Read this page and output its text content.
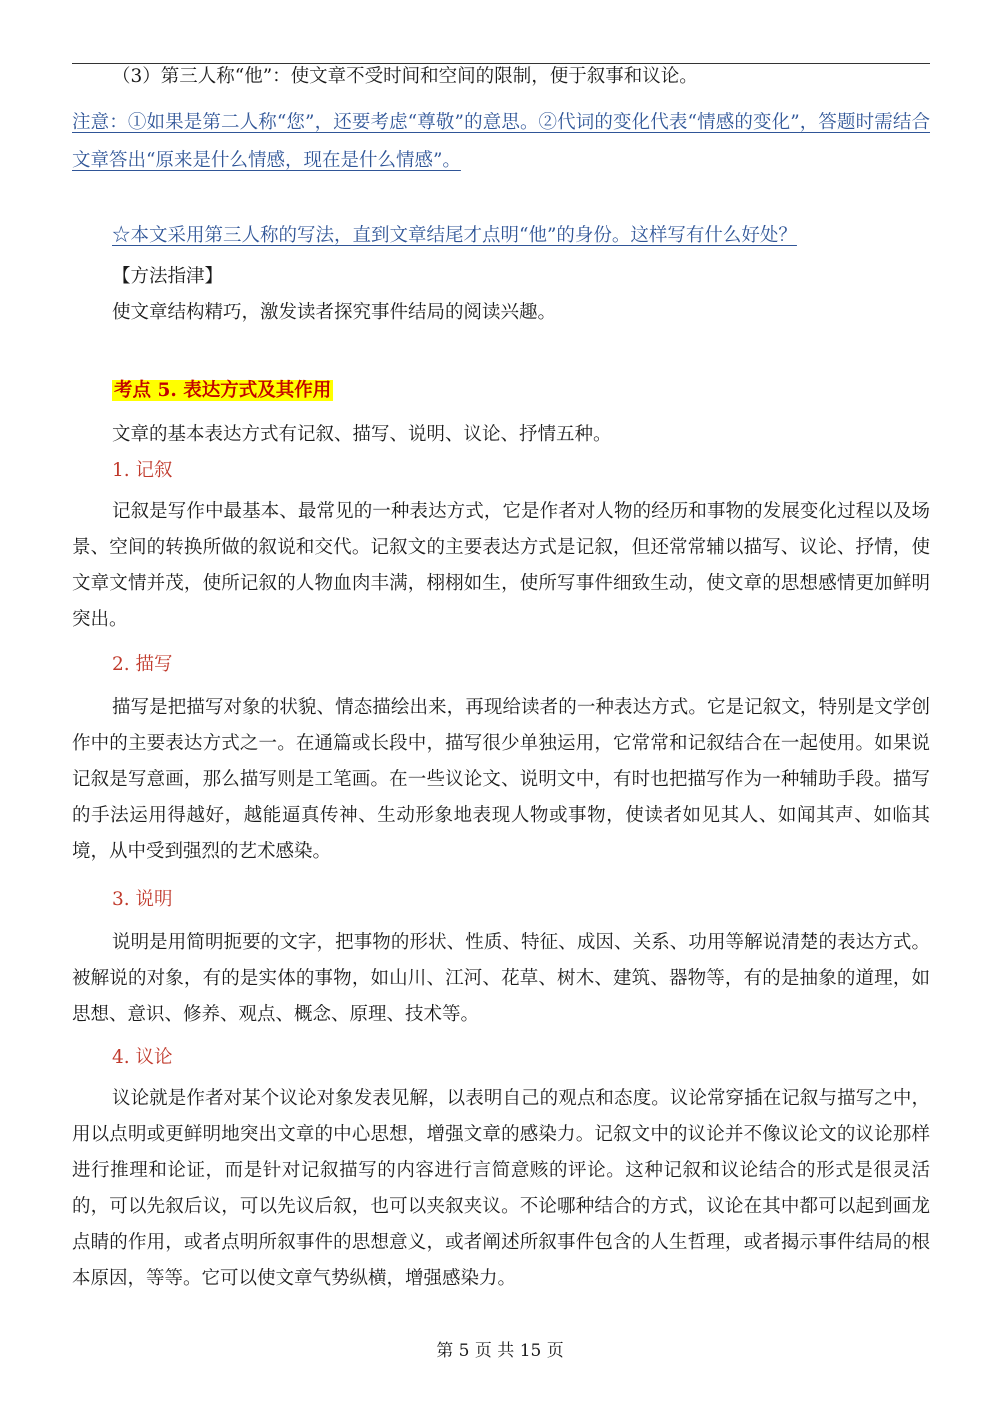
（3）第三人称“他”：使文章不受时间和空间的限制，便于叙事和议论。

注意：①如果是第二人称“您”，还要考虑“尊敬”的意思。②代词的变化代表“情感的变化”，答题时需结合文章答出“原来是什么情感，现在是什么情感”。

☆本文采用第三人称的写法，直到文章结尾才点明“他”的身份。这样写有什么好处？

【方法指津】

使文章结构精巧，激发读者探究事件结局的阅读兴趣。

考点 5. 表达方式及其作用

文章的基本表达方式有记叙、描写、说明、议论、抒情五种。

1. 记叙

记叙是写作中最基本、最常见的一种表达方式，它是作者对人物的经历和事物的发展变化过程以及场景、空间的转换所做的叙说和交代。记叙文的主要表达方式是记叙，但还常常辅以描写、议论、抒情，使文章文情并茂，使所记叙的人物血肉丰满，栩栩如生，使所写事件细致生动，使文章的思想感情更加鲜明突出。

2. 描写

描写是把描写对象的状貌、情态描绘出来，再现给读者的一种表达方式。它是记叙文，特别是文学创作中的主要表达方式之一。在通篇或长段中，描写很少单独运用，它常常和记叙结合在一起使用。如果说记叙是写意画，那么描写则是工笔画。在一些议论文、说明文中，有时也把描写作为一种辅助手段。描写的手法运用得越好，越能逼真传神、生动形象地表现人物或事物，使读者如见其人、如闻其声、如临其境，从中受到强烈的艺术感染。

3. 说明

说明是用简明扼要的文字，把事物的形状、性质、特征、成因、关系、功用等解说清楚的表达方式。被解说的对象，有的是实体的事物，如山川、江河、花草、树木、建筑、器物等，有的是抽象的道理，如思想、意识、修养、观点、概念、原理、技术等。

4. 议论

议论就是作者对某个议论对象发表见解，以表明自己的观点和态度。议论常穿插在记叙与描写之中，用以点明或更鲜明地突出文章的中心思想，增强文章的感染力。记叙文中的议论并不像议论文的议论那样进行推理和论证，而是针对记叙描写的内容进行言简意赅的评论。这种记叙和议论结合的形式是很灵活的，可以先叙后议，可以先议后叙，也可以夹叙夹议。不论哪种结合的方式，议论在其中都可以起到画龙点睛的作用，或者点明所叙事件的思想意义，或者阐述所叙事件包含的人生哲理，或者揭示事件结局的根本原因，等等。它可以使文章气势纵横，增强感染力。

第 5 页 共 15 页
